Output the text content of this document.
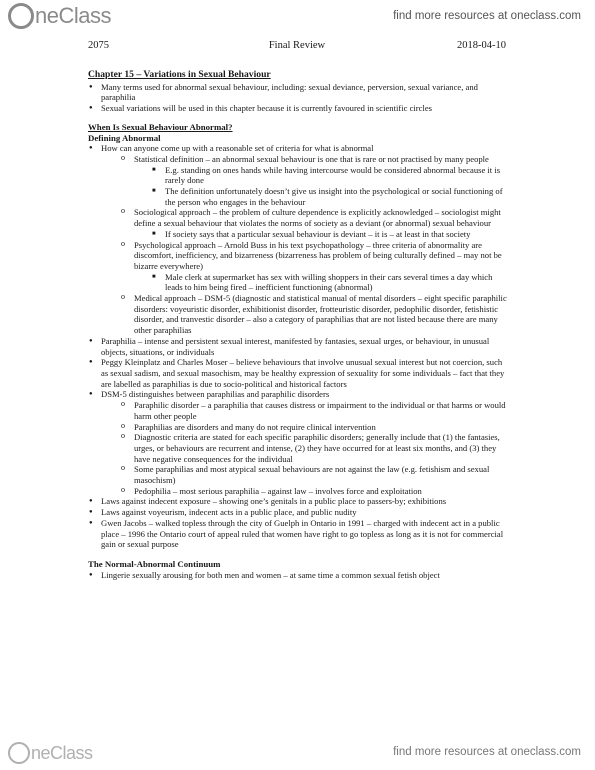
neClass	find more resources at oneclass.com
2075	Final Review	2018-04-10
Chapter 15 – Variations in Sexual Behaviour
● Many terms used for abnormal sexual behaviour, including: sexual deviance, perversion, sexual variance, and paraphilia
● Sexual variations will be used in this chapter because it is currently favoured in scientific circles
When Is Sexual Behaviour Abnormal?
Defining Abnormal
● How can anyone come up with a reasonable set of criteria for what is abnormal
o Statistical definition – an abnormal sexual behaviour is one that is rare or not practised by many people
■ E.g. standing on ones hands while having intercourse would be considered abnormal because it is rarely done
■ The definition unfortunately doesn’t give us insight into the psychological or social functioning of the person who engages in the behaviour
o Sociological approach – the problem of culture dependence is explicitly acknowledged – sociologist might define a sexual behaviour that violates the norms of society as a deviant (or abnormal) sexual behaviour
■ If society says that a particular sexual behaviour is deviant – it is – at least in that society
o Psychological approach – Arnold Buss in his text psychopathology – three criteria of abnormality are discomfort, inefficiency, and bizarreness (bizarreness has problem of being culturally defined – may not be bizarre everywhere)
■ Male clerk at supermarket has sex with willing shoppers in their cars several times a day which leads to him being fired – inefficient functioning (abnormal)
o Medical approach – DSM-5 (diagnostic and statistical manual of mental disorders – eight specific paraphilic disorders: voyeuristic disorder, exhibitionist disorder, frotteuristic disorder, pedophilic disorder, fetishistic disorder, and tranvestic disorder – also a category of paraphilias that are not listed because there are many other paraphilias
● Paraphilia – intense and persistent sexual interest, manifested by fantasies, sexual urges, or behaviour, in unusual objects, situations, or individuals
● Peggy Kleinplatz and Charles Moser – believe behaviours that involve unusual sexual interest but not coercion, such as sexual sadism, and sexual masochism, may be healthy expression of sexuality for some individuals – fact that they are labelled as paraphilias is due to socio-political and historical factors
● DSM-5 distinguishes between paraphilias and paraphilic disorders
o Paraphilic disorder – a paraphilia that causes distress or impairment to the individual or that harms or would harm other people
o Paraphilias are disorders and many do not require clinical intervention
o Diagnostic criteria are stated for each specific paraphilic disorders; generally include that (1) the fantasies, urges, or behaviours are recurrent and intense, (2) they have occurred for at least six months, and (3) they have negative consequences for the individual
o Some paraphilias and most atypical sexual behaviours are not against the law (e.g. fetishism and sexual masochism)
o Pedophilia – most serious paraphilia – against law – involves force and exploitation
● Laws against indecent exposure – showing one’s genitals in a public place to passers-by; exhibitions
● Laws against voyeurism, indecent acts in a public place, and public nudity
● Gwen Jacobs – walked topless through the city of Guelph in Ontario in 1991 – charged with indecent act in a public place – 1996 the Ontario court of appeal ruled that women have right to go topless as long as it is not for commercial gain or sexual purpose
The Normal-Abnormal Continuum
● Lingerie sexually arousing for both men and women – at same time a common sexual fetish object
neClass	find more resources at oneclass.com
